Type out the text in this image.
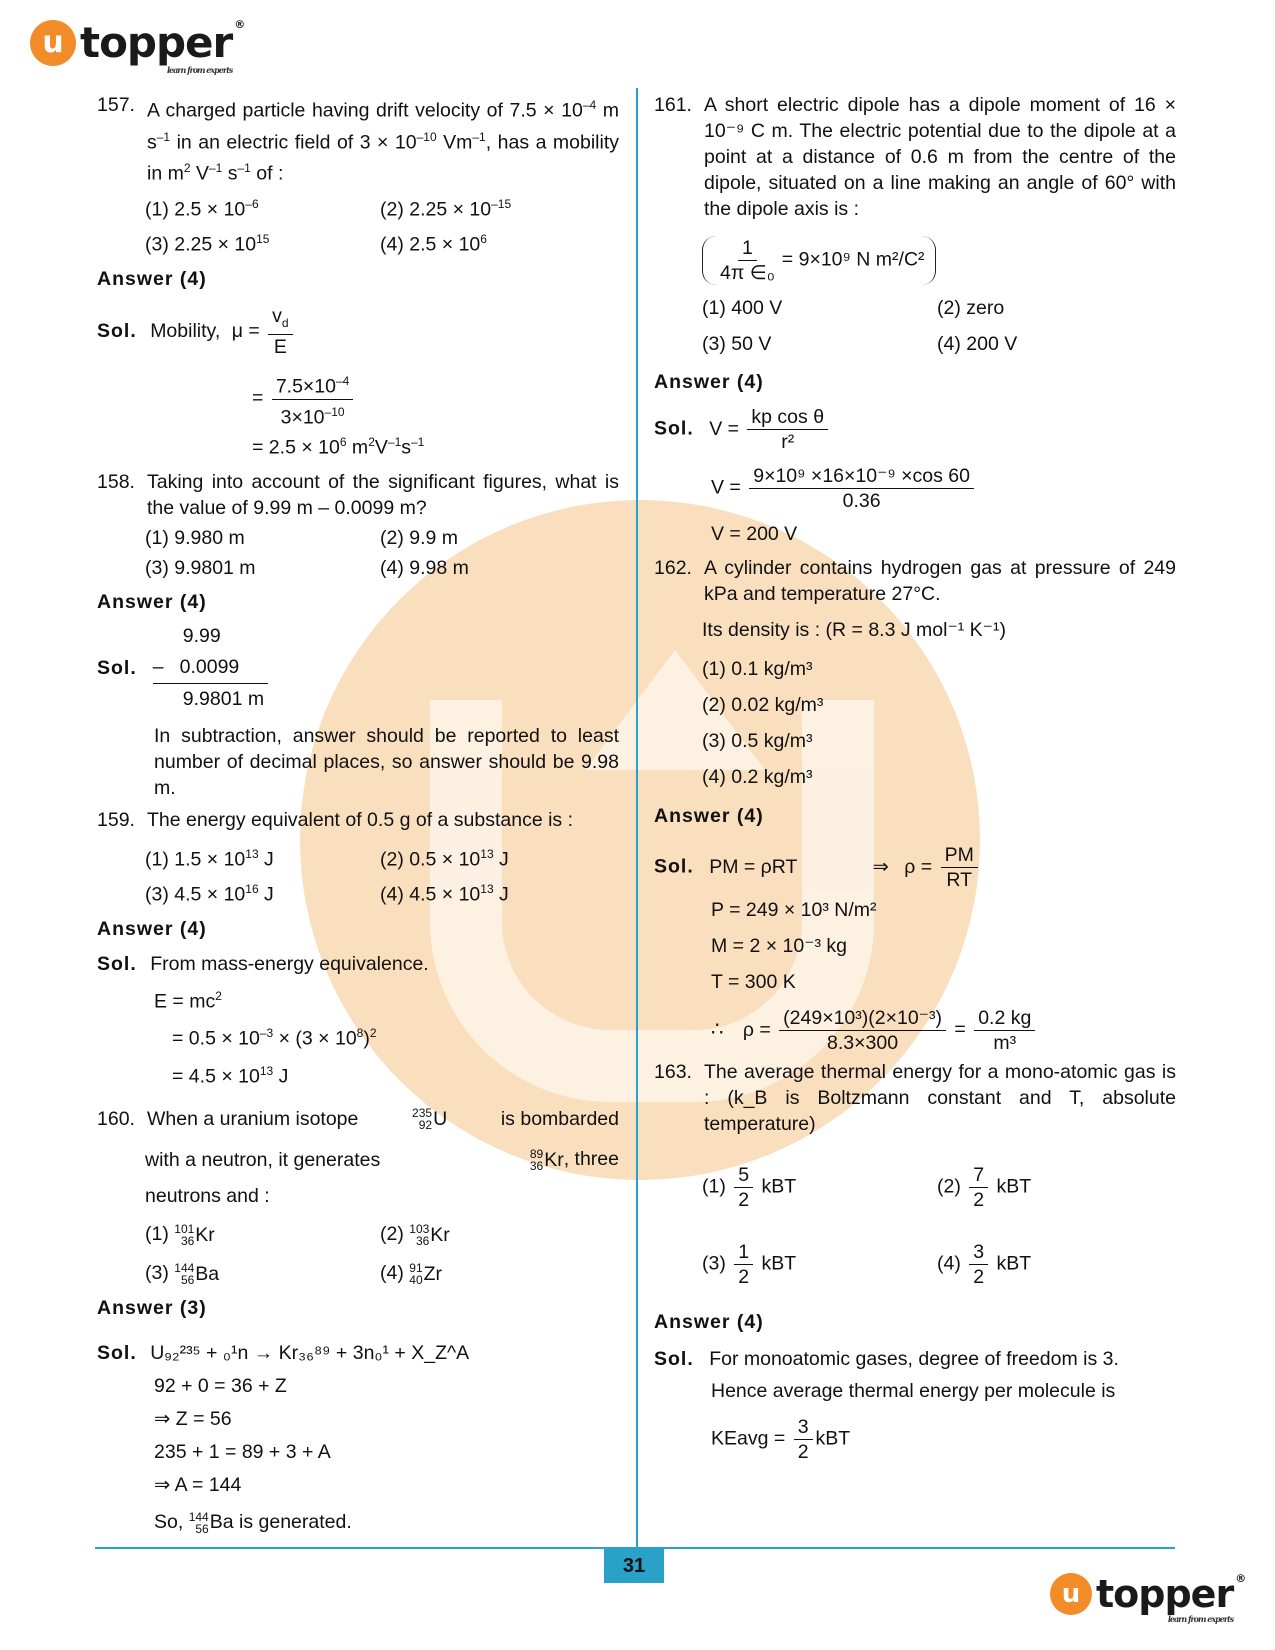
u topper ®
learn from experts
157. A charged particle having drift velocity of $7.5 \times 10^{-4}$ m $s^{-1}$ in an electric field of $3 \times 10^{-10}$ $Vm^{-1}$, has a mobility in $m^2$ $V^{-1}$ $s^{-1}$ of :
(1) $2.5 \times 10^{-6}$	(2) $2.25 \times 10^{-15}$
(3) $2.25 \times 10^{15}$	(4) $2.5 \times 10^6$
Answer (4)
Sol. Mobility, $\mu = \frac{v_d}{E}$
= $\frac{7.5\times 10^{-4}}{3\times 10^{-10}}$
= $2.5 \times 10^6$ $m^2V^{-1}s^{-1}$
158. Taking into account of the significant figures, what is the value of 9.99 m – 0.0099 m?
(1) 9.980 m	(2) 9.9 m
(3) 9.9801 m	(4) 9.98 m
Answer (4)
Sol.
9.99
– 0.0099
9.9801 m
In subtraction, answer should be reported to least number of decimal places, so answer should be 9.98 m.
159. The energy equivalent of 0.5 g of a substance is :
(1) $1.5 \times 10^{13}$ J	(2) $0.5 \times 10^{13}$ J
(3) $4.5 \times 10^{16}$ J	(4) $4.5 \times 10^{13}$ J
Answer (4)
Sol. From mass-energy equivalence.
$E = mc^2$
= $0.5 \times 10^{-3} \times (3 \times 10^8)^2$
= $4.5 \times 10^{13}$ J
160. When a uranium isotope	235
92 U	is bombarded
with a neutron, it generates	89
36 Kr , three
neutrons and :
(1) 101
36 Kr	(2) 103
36 Kr
(3) 144
56 Ba	(4) 91
40 Zr
Answer (3)
Sol. U₉₂²³⁵ + ₀¹n → Kr₃₆⁸⁹ + 3n₀¹ + X_Z^A
92 + 0 = 36 + Z
⇒ Z = 56
235 + 1 = 89 + 3 + A
⇒ A = 144
So, 144
56 Ba is generated.
161. A short electric dipole has a dipole moment of 16 × 10⁻⁹ C m. The electric potential due to the dipole at a point at a distance of 0.6 m from the centre of the dipole, situated on a line making an angle of 60° with the dipole axis is :
$\frac{1}{\text{4π ∈₀}} = 9\times 10^9$ N m²/C²
(1) 400 V	(2) zero
(3) 50 V	(4) 200 V
Answer (4)
Sol. $V = \frac{\text{kp cos θ}}{\text{r²}}$
$V = \frac{\text{9×10⁹ ×16×10⁻⁹ ×cos 60}}{0.36}$
V = 200 V
162. A cylinder contains hydrogen gas at pressure of 249 kPa and temperature 27°C.
Its density is : (R = 8.3 J mol⁻¹ K⁻¹)
(1) 0.1 kg/m³
(2) 0.02 kg/m³
(3) 0.5 kg/m³
(4) 0.2 kg/m³
Answer (4)
Sol. PM = ρRT	⇒ $\rho = \frac{PM}{RT}$
P = 249 × 10³ N/m²
M = 2 × 10⁻³ kg
T = 300 K
∴ $\rho = \frac{\text{(249×10³)(2×10⁻³)}}{8.3\times 300} = \frac{0.2 kg}{\text{m³}}$
163. The average thermal energy for a mono-atomic gas is : (k_B is Boltzmann constant and T, absolute temperature)
$(1) \frac{5}{2}$ kBT	$(2) \frac{7}{2}$ kBT
$(3) \frac{1}{2}$ kBT	$(4) \frac{3}{2}$ kBT
Answer (4)
Sol. For monoatomic gases, degree of freedom is 3.
Hence average thermal energy per molecule is
KEavg = $\frac{3}{2}$ kBT
31
u topper ®
learn from experts
